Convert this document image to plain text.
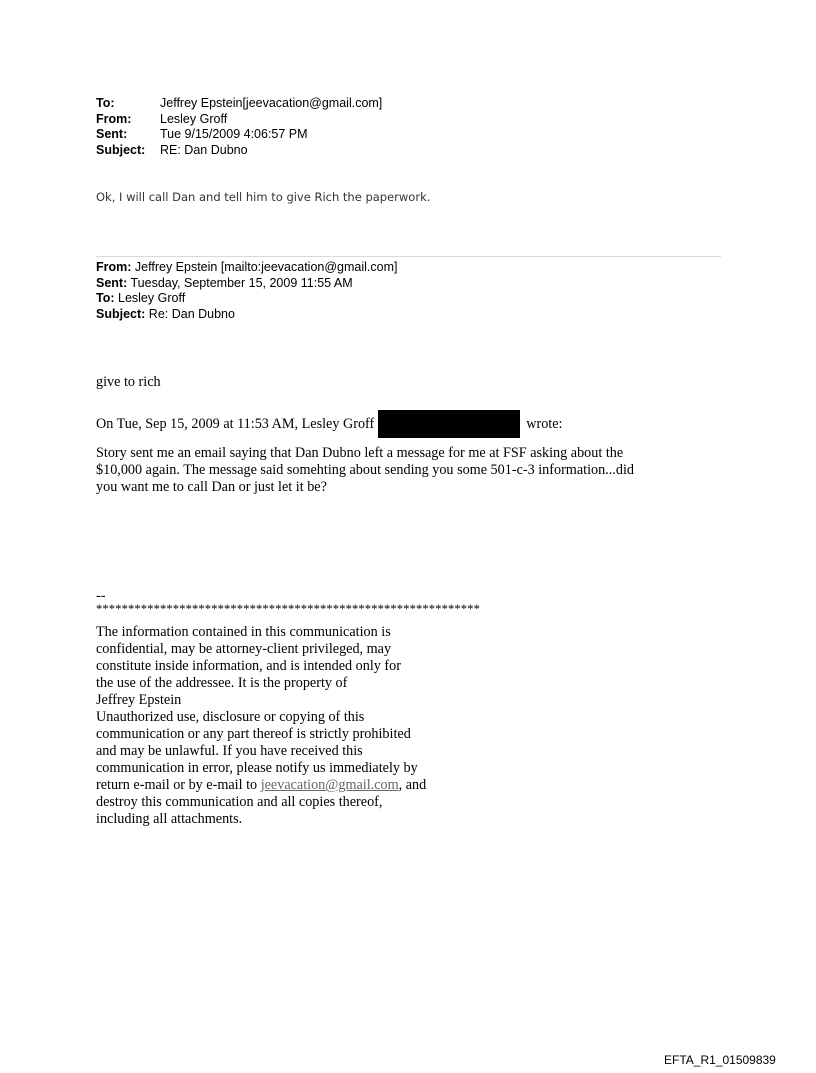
To:	Jeffrey Epstein[jeevacation@gmail.com]
From:	Lesley Groff
Sent:	Tue 9/15/2009 4:06:57 PM
Subject:	RE: Dan Dubno
Ok, I will call Dan and tell him to give Rich the paperwork.
From: Jeffrey Epstein [mailto:jeevacation@gmail.com]
Sent: Tuesday, September 15, 2009 11:55 AM
To: Lesley Groff
Subject: Re: Dan Dubno
give to rich
On Tue, Sep 15, 2009 at 11:53 AM, Lesley Groff	wrote:

Story sent me an email saying that Dan Dubno left a message for me at FSF asking about the

$10,000 again. The message said somehting about sending you some 501-c-3 information...did

you want me to call Dan or just let it be?

--
************************************************************

The information contained in this communication is

confidential, may be attorney-client privileged, may

constitute inside information, and is intended only for

the use of the addressee. It is the property of

Jeffrey Epstein

Unauthorized use, disclosure or copying of this

communication or any part thereof is strictly prohibited

and may be unlawful. If you have received this

communication in error, please notify us immediately by

return e-mail or by e-mail to jeevacation@gmail.com, and

destroy this communication and all copies thereof,

including all attachments.

EFTA_R1_01509839
